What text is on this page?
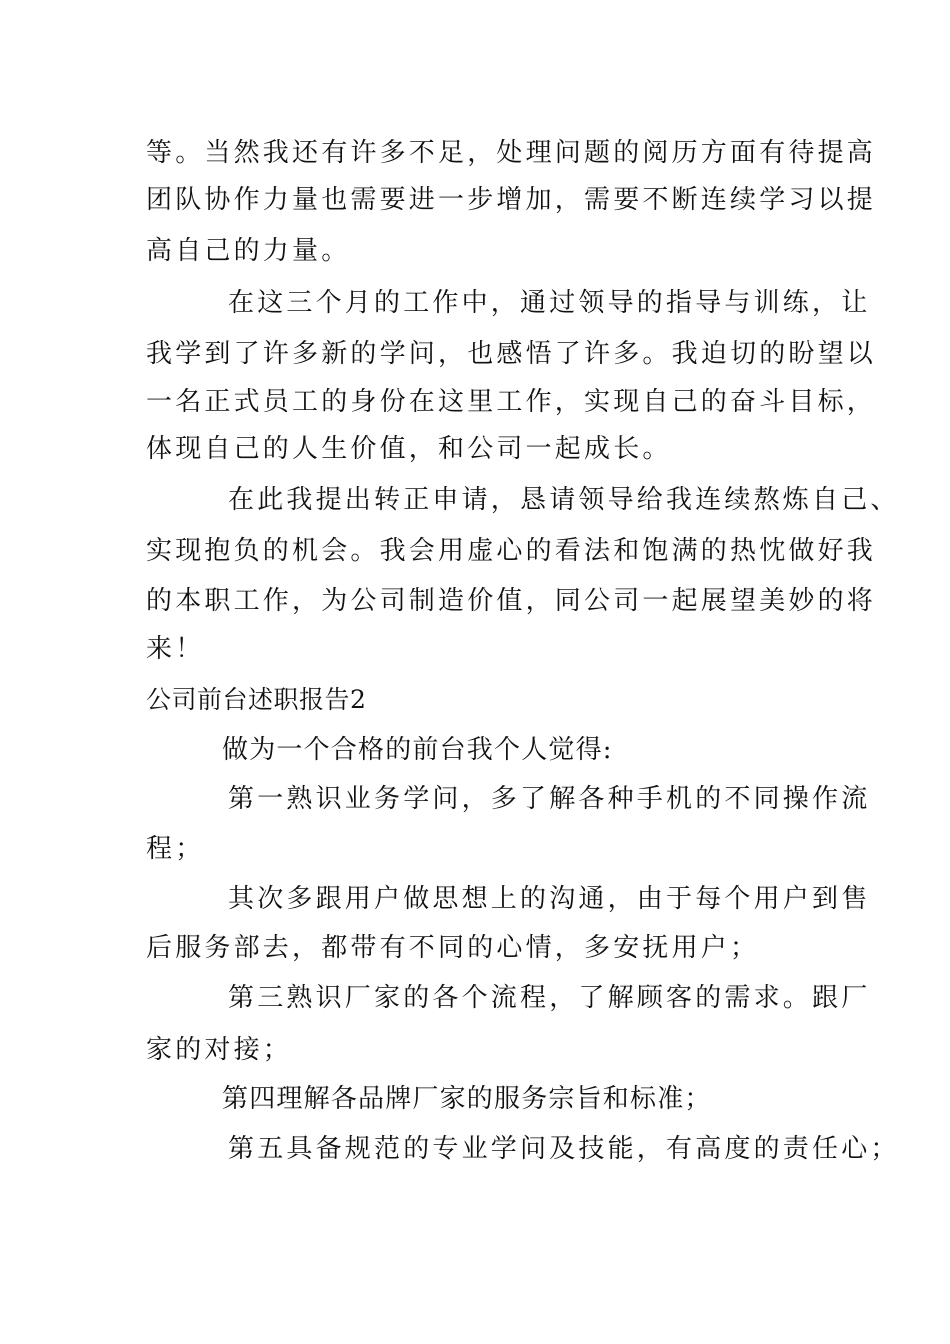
等。当然我还有许多不足，处理问题的阅历方面有待提高
团队协作力量也需要进一步增加，需要不断连续学习以提
高自己的力量。
在这三个月的工作中，通过领导的指导与训练，让
我学到了许多新的学问，也感悟了许多。我迫切的盼望以
一名正式员工的身份在这里工作，实现自己的奋斗目标，
体现自己的人生价值，和公司一起成长。
在此我提出转正申请，恳请领导给我连续熬炼自己、
实现抱负的机会。我会用虚心的看法和饱满的热忱做好我
的本职工作，为公司制造价值，同公司一起展望美妙的将
来！
公司前台述职报告2
做为一个合格的前台我个人觉得:
第一熟识业务学问，多了解各种手机的不同操作流
程；
其次多跟用户做思想上的沟通，由于每个用户到售
后服务部去，都带有不同的心情，多安抚用户；
第三熟识厂家的各个流程，了解顾客的需求。跟厂
家的对接；
第四理解各品牌厂家的服务宗旨和标准；
第五具备规范的专业学问及技能，有高度的责任心；
